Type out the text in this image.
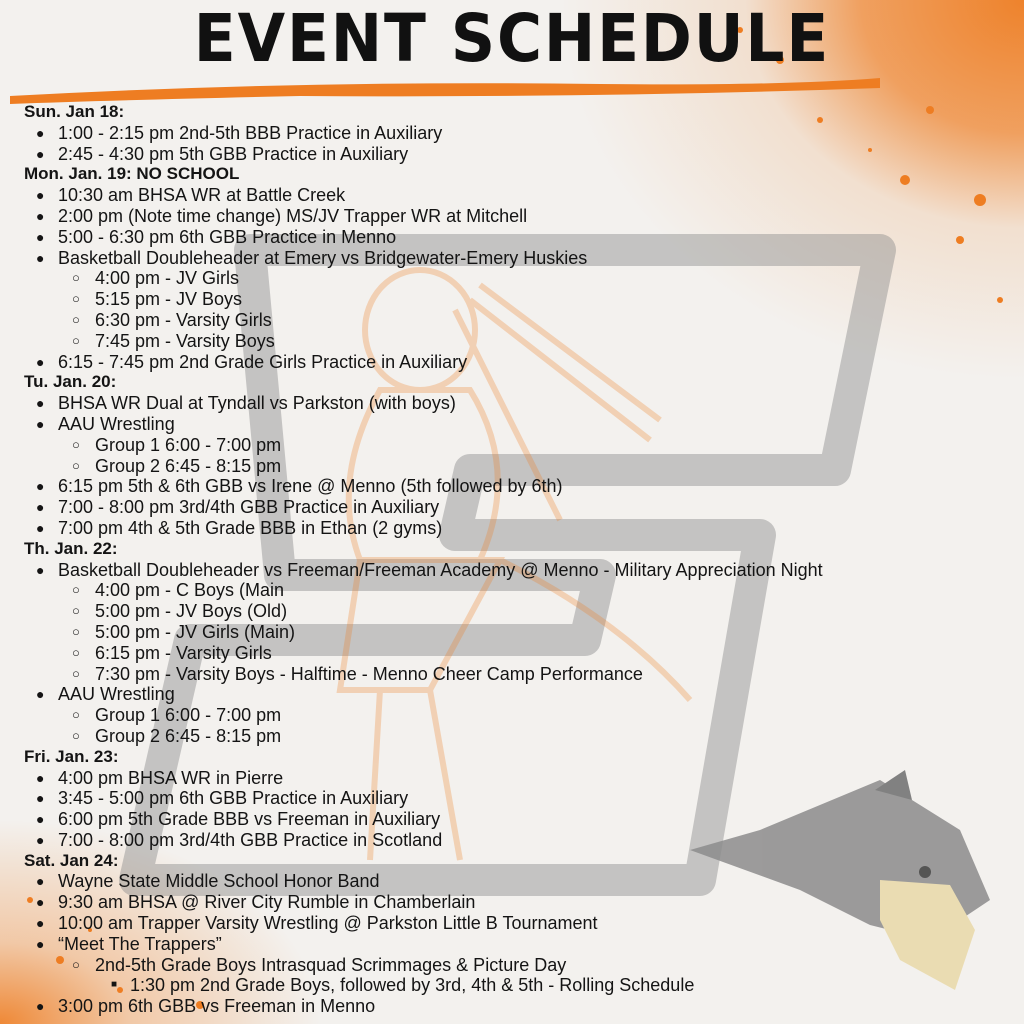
EVENT SCHEDULE
Sun. Jan 18:
● 1:00 - 2:15 pm 2nd-5th BBB Practice in Auxiliary
● 2:45 - 4:30 pm 5th GBB Practice in Auxiliary
Mon. Jan. 19: NO SCHOOL
● 10:30 am BHSA WR at Battle Creek
● 2:00 pm (Note time change) MS/JV Trapper WR at Mitchell
● 5:00 - 6:30 pm 6th GBB Practice in Menno
● Basketball Doubleheader at Emery vs Bridgewater-Emery Huskies
○ 4:00 pm - JV Girls
○ 5:15 pm - JV Boys
○ 6:30 pm - Varsity Girls
○ 7:45 pm - Varsity Boys
● 6:15 - 7:45 pm 2nd Grade Girls Practice in Auxiliary
Tu. Jan. 20:
● BHSA WR Dual at Tyndall vs Parkston (with boys)
● AAU Wrestling
○ Group 1 6:00 - 7:00 pm
○ Group 2 6:45 - 8:15 pm
● 6:15 pm 5th & 6th GBB vs Irene @ Menno (5th followed by 6th)
● 7:00 - 8:00 pm 3rd/4th GBB Practice in Auxiliary
● 7:00 pm 4th & 5th Grade BBB in Ethan (2 gyms)
Th. Jan. 22:
● Basketball Doubleheader vs Freeman/Freeman Academy @ Menno - Military Appreciation Night
○ 4:00 pm - C Boys (Main
○ 5:00 pm - JV Boys (Old)
○ 5:00 pm - JV Girls (Main)
○ 6:15 pm - Varsity Girls
○ 7:30 pm - Varsity Boys - Halftime - Menno Cheer Camp Performance
● AAU Wrestling
○ Group 1 6:00 - 7:00 pm
○ Group 2 6:45 - 8:15 pm
Fri. Jan. 23:
● 4:00 pm BHSA WR in Pierre
● 3:45 - 5:00 pm 6th GBB Practice in Auxiliary
● 6:00 pm 5th Grade BBB vs Freeman in Auxiliary
● 7:00 - 8:00 pm 3rd/4th GBB Practice in Scotland
Sat. Jan 24:
● Wayne State Middle School Honor Band
● 9:30 am BHSA @ River City Rumble in Chamberlain
● 10:00 am Trapper Varsity Wrestling @ Parkston Little B Tournament
● “Meet The Trappers”
○ 2nd-5th Grade Boys Intrasquad Scrimmages & Picture Day
■ 1:30 pm 2nd Grade Boys, followed by 3rd, 4th & 5th - Rolling Schedule
● 3:00 pm 6th GBB vs Freeman in Menno
